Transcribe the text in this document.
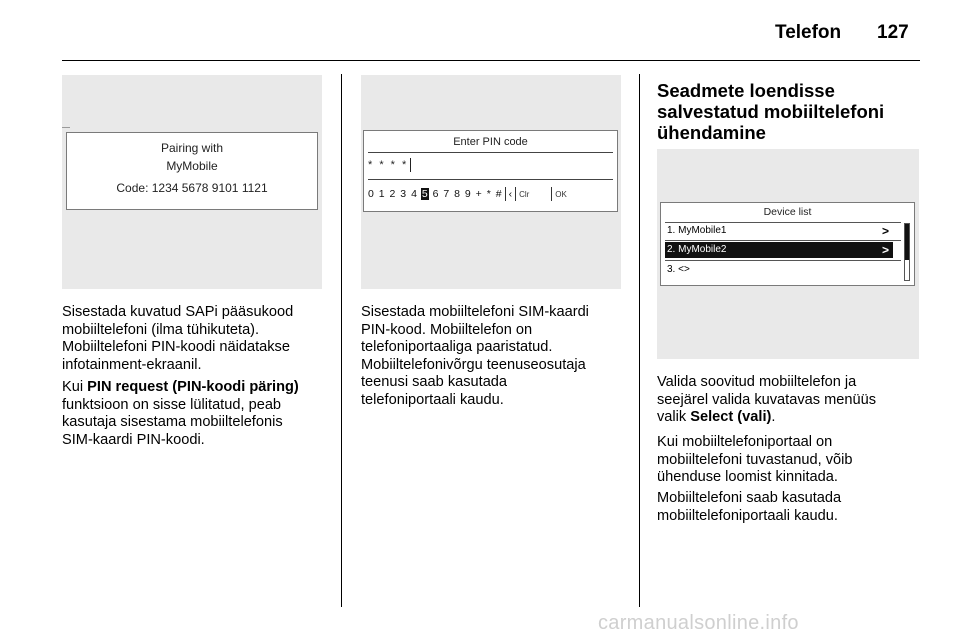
Telefon 127
Pairing with
MyMobile
Code: 1234 5678 9101 1121

Sisestada kuvatud SAPi pääsukood
mobiiltelefoni (ilma tühikuteta).
Mobiiltelefoni PIN-koodi näidatakse
infotainment-ekraanil.

Kui PIN request (PIN-koodi päring)
funktsioon on sisse lülitatud, peab
kasutaja sisestama mobiiltelefonis
SIM-kaardi PIN-koodi.

Enter PIN code
* * * *
0 1 2 3 4 5 6 7 8 9 + * # ‹ Clr	OK

Sisestada mobiiltelefoni SIM-kaardi
PIN-kood. Mobiiltelefon on
telefoniportaaliga paaristatud.
Mobiiltelefonivõrgu teenuseosutaja
teenusi saab kasutada
telefoniportaali kaudu.

Seadmete loendisse
salvestatud mobiiltelefoni
ühendamine
Device list
1. MyMobile1	>
2. MyMobile2	>
3. <>

Valida soovitud mobiiltelefon ja
seejärel valida kuvatavas menüüs
valik Select (vali).

Kui mobiiltelefoniportaal on
mobiiltelefoni tuvastanud, võib
ühenduse loomist kinnitada.

Mobiiltelefoni saab kasutada
mobiiltelefoniportaali kaudu.

carmanualsonline.info
